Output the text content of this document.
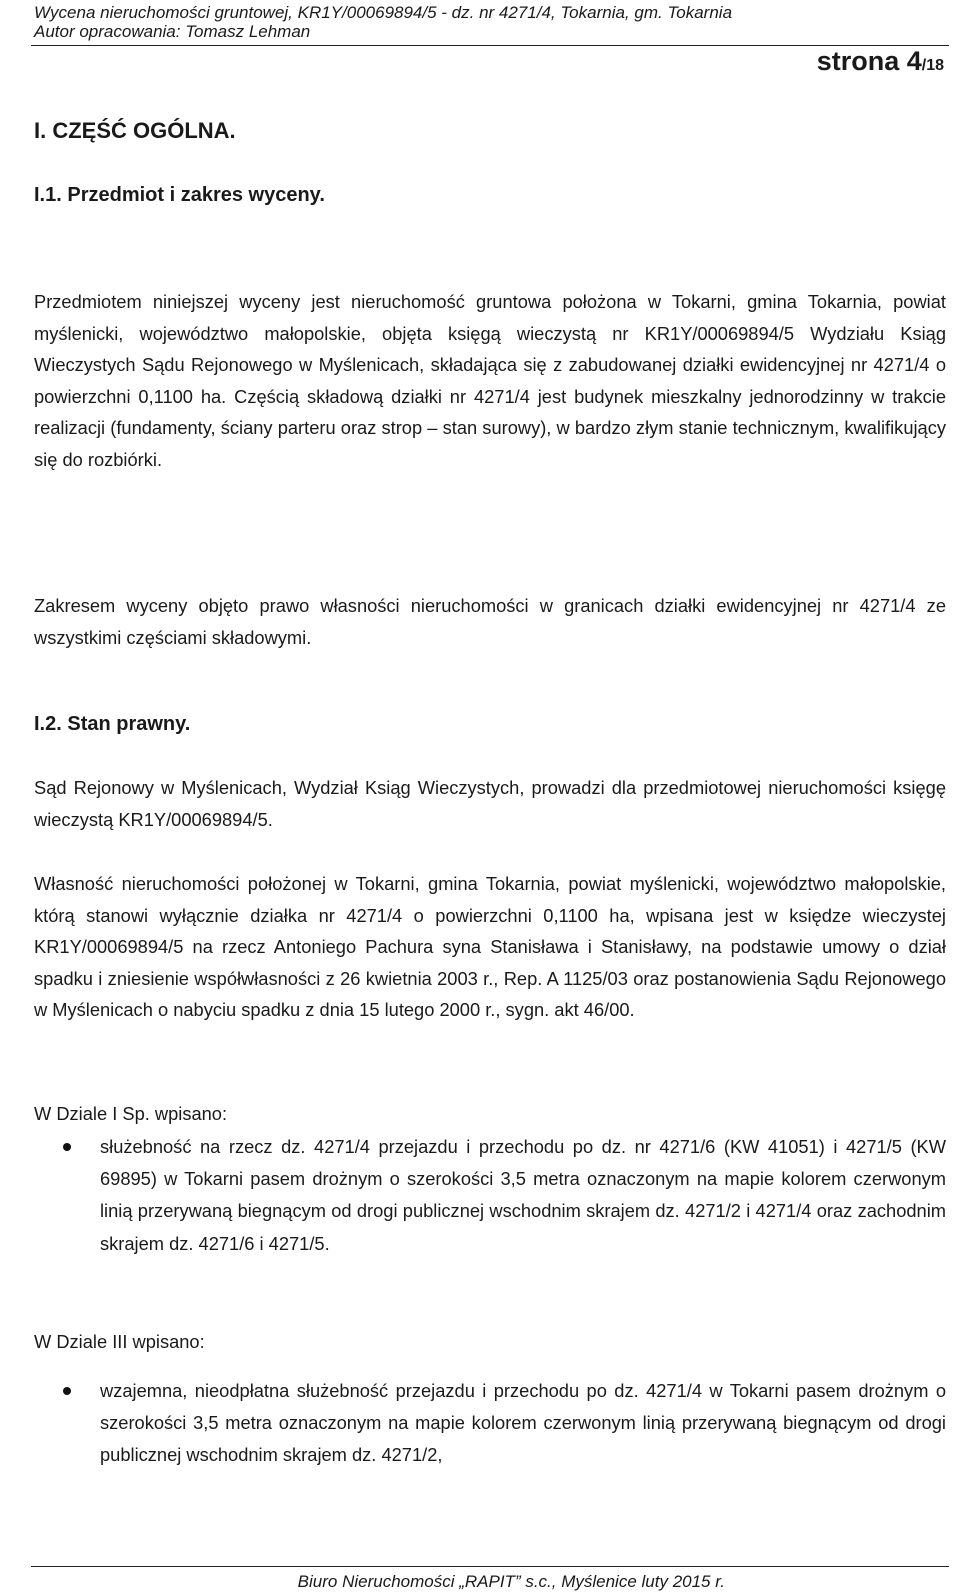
Wycena nieruchomości gruntowej, KR1Y/00069894/5 - dz. nr 4271/4, Tokarnia, gm. Tokarnia
Autor opracowania: Tomasz Lehman
strona 4/18
I. CZĘŚĆ OGÓLNA.
I.1. Przedmiot i zakres wyceny.

Przedmiotem niniejszej wyceny jest nieruchomość gruntowa położona w Tokarni, gmina Tokarnia, powiat myślenicki, województwo małopolskie, objęta księgą wieczystą nr KR1Y/00069894/5 Wydziału Ksiąg Wieczystych Sądu Rejonowego w Myślenicach, składająca się z zabudowanej działki ewidencyjnej nr 4271/4 o powierzchni 0,1100 ha. Częścią składową działki nr 4271/4 jest budynek mieszkalny jednorodzinny w trakcie realizacji (fundamenty, ściany parteru oraz strop – stan surowy), w bardzo złym stanie technicznym, kwalifikujący się do rozbiórki.

Zakresem wyceny objęto prawo własności nieruchomości w granicach działki ewidencyjnej nr 4271/4 ze wszystkimi częściami składowymi.

I.2. Stan prawny.

Sąd Rejonowy w Myślenicach, Wydział Ksiąg Wieczystych, prowadzi dla przedmiotowej nieruchomości księgę wieczystą KR1Y/00069894/5.

Własność nieruchomości położonej w Tokarni, gmina Tokarnia, powiat myślenicki, województwo małopolskie, którą stanowi wyłącznie działka nr 4271/4 o powierzchni 0,1100 ha, wpisana jest w księdze wieczystej KR1Y/00069894/5 na rzecz Antoniego Pachura syna Stanisława i Stanisławy, na podstawie umowy o dział spadku i zniesienie współwłasności z 26 kwietnia 2003 r., Rep. A 1125/03 oraz postanowienia Sądu Rejonowego w Myślenicach o nabyciu spadku z dnia 15 lutego 2000 r., sygn. akt 46/00.

W Dziale I Sp. wpisano:

służebność na rzecz dz. 4271/4 przejazdu i przechodu po dz. nr 4271/6 (KW 41051) i 4271/5 (KW 69895) w Tokarni pasem drożnym o szerokości 3,5 metra oznaczonym na mapie kolorem czerwonym linią przerywaną biegnącym od drogi publicznej wschodnim skrajem dz. 4271/2 i 4271/4 oraz zachodnim skrajem dz. 4271/6 i 4271/5.

W Dziale III wpisano:

wzajemna, nieodpłatna służebność przejazdu i przechodu po dz. 4271/4 w Tokarni pasem drożnym o szerokości 3,5 metra oznaczonym na mapie kolorem czerwonym linią przerywaną biegnącym od drogi publicznej wschodnim skrajem dz. 4271/2,
Biuro Nieruchomości „RAPIT” s.c., Myślenice luty 2015 r.
